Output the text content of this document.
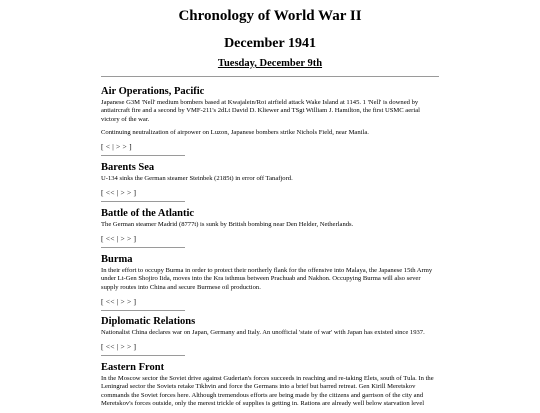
Chronology of World War II
December 1941
Tuesday, December 9th
Air Operations, Pacific

Japanese G3M 'Nell' medium bombers based at Kwajalein/Roi airfield attack Wake Island at 1145. 1 'Nell' is downed by antiaircraft fire and a second by VMF-211's 2dLt David D. Kliewer and TSgt William J. Hamilton, the first USMC aerial victory of the war.

Continuing neutralization of airpower on Luzon, Japanese bombers strike Nichols Field, near Manila.

[ < | > > ]
Barents Sea

U-134 sinks the German steamer Steinbek (2185t) in error off Tanafjord.

[ << | > > ]
Battle of the Atlantic

The German steamer Madrid (8777t) is sunk by British bombing near Den Helder, Netherlands.

[ << | > > ]
Burma

In their effort to occupy Burma in order to protect their northerly flank for the offensive into Malaya, the Japanese 15th Army under Lt-Gen Shojiro Iida, moves into the Kra isthmus between Prachuab and Nakhon. Occupying Burma will also sever supply routes into China and secure Burmese oil production.

[ << | > > ]
Diplomatic Relations

Nationalist China declares war on Japan, Germany and Italy. An unofficial 'state of war' with Japan has existed since 1937.

[ << | > > ]
Eastern Front

In the Moscow sector the Soviet drive against Guderian's forces succeeds in reaching and re-taking Elets, south of Tula. In the Leningrad sector the Soviets retake Tikhvin and force the Germans into a brief but barred retreat. Gen Kirill Meretskov commands the Soviet forces here. Although tremendous efforts are being made by the citizens and garrison of the city and Meretskov's forces outside, only the merest trickle of supplies is getting in. Rations are already well below starvation level
